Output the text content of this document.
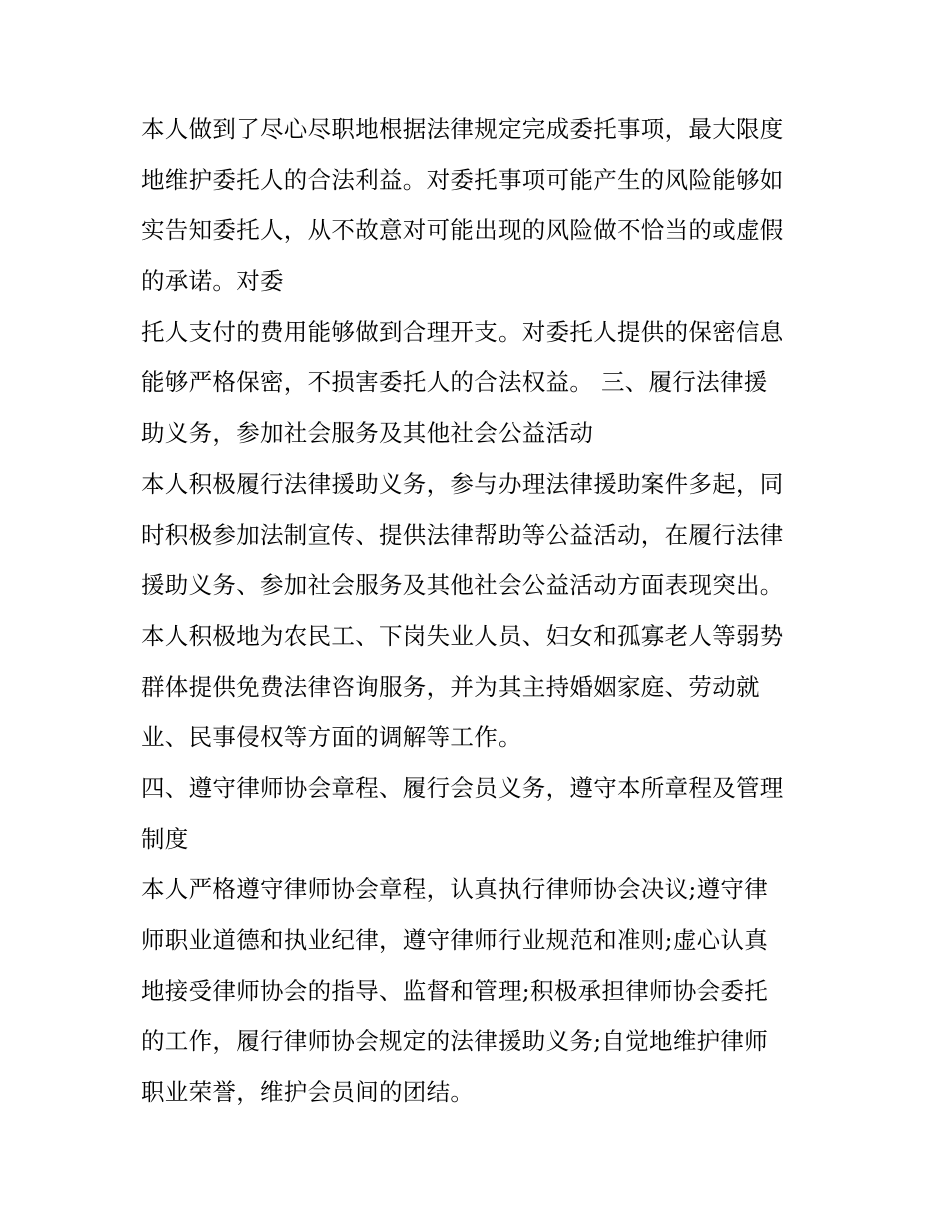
本人做到了尽心尽职地根据法律规定完成委托事项，最大限度
地维护委托人的合法利益。对委托事项可能产生的风险能够如
实告知委托人，从不故意对可能出现的风险做不恰当的或虚假
的承诺。对委
托人支付的费用能够做到合理开支。对委托人提供的保密信息
能够严格保密，不损害委托人的合法权益。 三、履行法律援
助义务，参加社会服务及其他社会公益活动
本人积极履行法律援助义务，参与办理法律援助案件多起，同
时积极参加法制宣传、提供法律帮助等公益活动，在履行法律
援助义务、参加社会服务及其他社会公益活动方面表现突出。
本人积极地为农民工、下岗失业人员、妇女和孤寡老人等弱势
群体提供免费法律咨询服务，并为其主持婚姻家庭、劳动就
业、民事侵权等方面的调解等工作。
四、遵守律师协会章程、履行会员义务，遵守本所章程及管理
制度
本人严格遵守律师协会章程，认真执行律师协会决议;遵守律
师职业道德和执业纪律，遵守律师行业规范和准则;虚心认真
地接受律师协会的指导、监督和管理;积极承担律师协会委托
的工作，履行律师协会规定的法律援助义务;自觉地维护律师
职业荣誉，维护会员间的团结。
